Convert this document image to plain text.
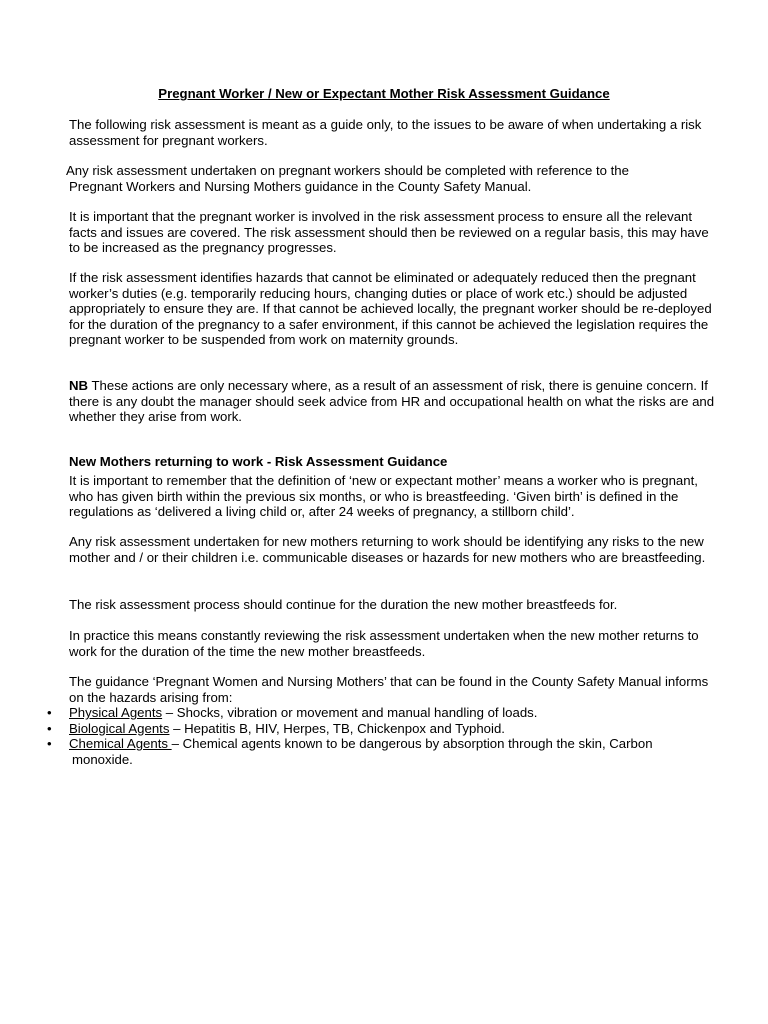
Pregnant Worker / New or Expectant Mother Risk Assessment Guidance

The following risk assessment is meant as a guide only, to the issues to be aware of when undertaking a risk assessment for pregnant workers.

Any risk assessment undertaken on pregnant workers should be completed with reference to the
Pregnant Workers and Nursing Mothers guidance in the County Safety Manual.

It is important that the pregnant worker is involved in the risk assessment process to ensure all the relevant facts and issues are covered. The risk assessment should then be reviewed on a regular basis, this may have to be increased as the pregnancy progresses.

If the risk assessment identifies hazards that cannot be eliminated or adequately reduced then the pregnant worker’s duties (e.g. temporarily reducing hours, changing duties or place of work etc.) should be adjusted appropriately to ensure they are. If that cannot be achieved locally, the pregnant worker should be re-deployed for the duration of the pregnancy to a safer environment, if this cannot be achieved the legislation requires the pregnant worker to be suspended from work on maternity grounds.

NB These actions are only necessary where, as a result of an assessment of risk, there is genuine concern. If there is any doubt the manager should seek advice from HR and occupational health on what the risks are and whether they arise from work.

New Mothers returning to work - Risk Assessment Guidance

It is important to remember that the definition of ‘new or expectant mother’ means a worker who is pregnant, who has given birth within the previous six months, or who is breastfeeding. ‘Given birth’ is defined in the regulations as ‘delivered a living child or, after 24 weeks of pregnancy, a stillborn child’.

Any risk assessment undertaken for new mothers returning to work should be identifying any risks to the new mother and / or their children i.e. communicable diseases or hazards for new mothers who are breastfeeding.

The risk assessment process should continue for the duration the new mother breastfeeds for.

In practice this means constantly reviewing the risk assessment undertaken when the new mother returns to work for the duration of the time the new mother breastfeeds.

The guidance ‘Pregnant Women and Nursing Mothers’ that can be found in the County Safety Manual informs on the hazards arising from:

• Physical Agents – Shocks, vibration or movement and manual handling of loads.
• Biological Agents – Hepatitis B, HIV, Herpes, TB, Chickenpox and Typhoid.
• Chemical Agents – Chemical agents known to be dangerous by absorption through the skin, Carbon
monoxide.
